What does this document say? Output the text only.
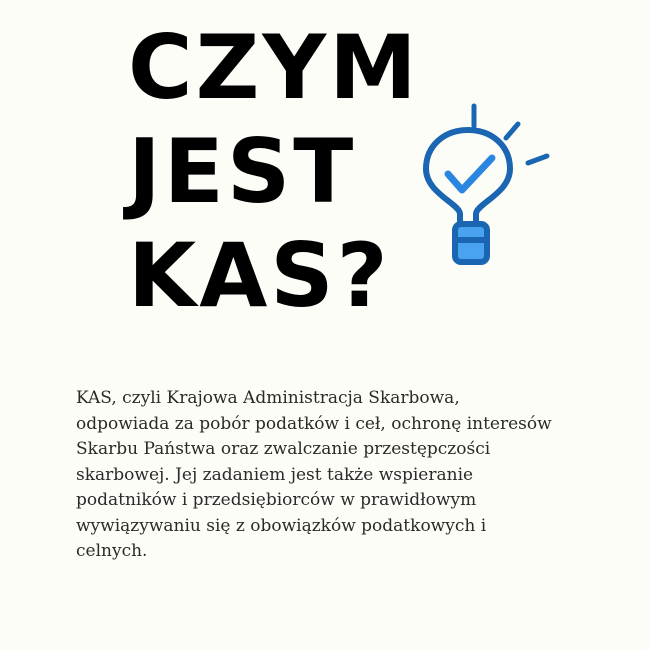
CZYM
JEST
KAS?

KAS, czyli Krajowa Administracja Skarbowa,
odpowiada za pobór podatków i ceł, ochronę interesów
Skarbu Państwa oraz zwalczanie przestępczości
skarbowej. Jej zadaniem jest także wspieranie
podatników i przedsiębiorców w prawidłowym
wywiązywaniu się z obowiązków podatkowych i
celnych.
